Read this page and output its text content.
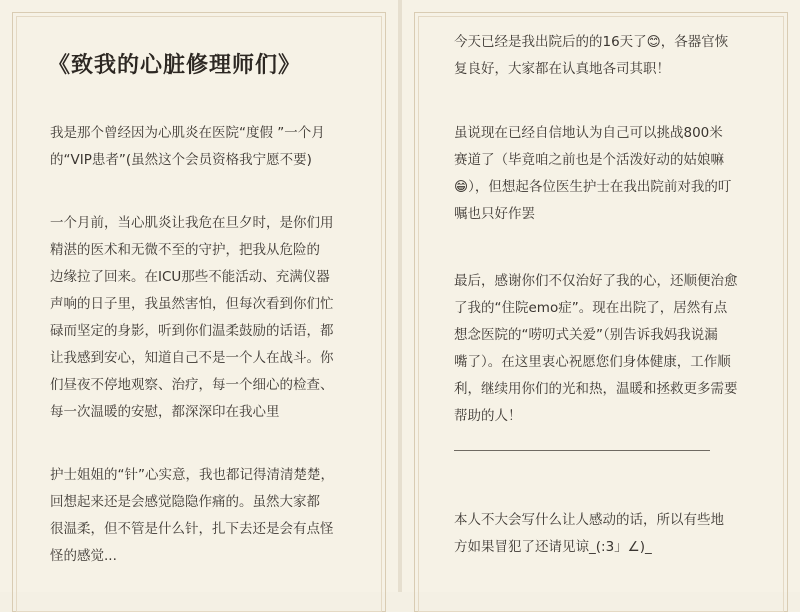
《致我的心脏修理师们》
我是那个曾经因为心肌炎在医院“度假 ”一个月
的“VIP患者”(虽然这个会员资格我宁愿不要)
一个月前，当心肌炎让我危在旦夕时，是你们用
精湛的医术和无微不至的守护，把我从危险的
边缘拉了回来。在ICU那些不能活动、充满仪器
声响的日子里，我虽然害怕，但每次看到你们忙
碌而坚定的身影，听到你们温柔鼓励的话语，都
让我感到安心，知道自己不是一个人在战斗。你
们昼夜不停地观察、治疗，每一个细心的检查、
每一次温暖的安慰，都深深印在我心里
护士姐姐的“针”心实意，我也都记得清清楚楚，
回想起来还是会感觉隐隐作痛的。虽然大家都
很温柔，但不管是什么针，扎下去还是会有点怪
怪的感觉...
今天已经是我出院后的的16天了😊，各器官恢
复良好，大家都在认真地各司其职！
虽说现在已经自信地认为自己可以挑战800米
赛道了（毕竟咱之前也是个活泼好动的姑娘嘛
😁），但想起各位医生护士在我出院前对我的叮
嘱也只好作罢
最后，感谢你们不仅治好了我的心，还顺便治愈
了我的“住院emo症”。现在出院了，居然有点
想念医院的“唠叨式关爱”（别告诉我妈我说漏
嘴了）。在这里衷心祝愿您们身体健康，工作顺
利，继续用你们的光和热，温暖和拯救更多需要
帮助的人！
本人不大会写什么让人感动的话，所以有些地
方如果冒犯了还请见谅_(:3」∠)_
